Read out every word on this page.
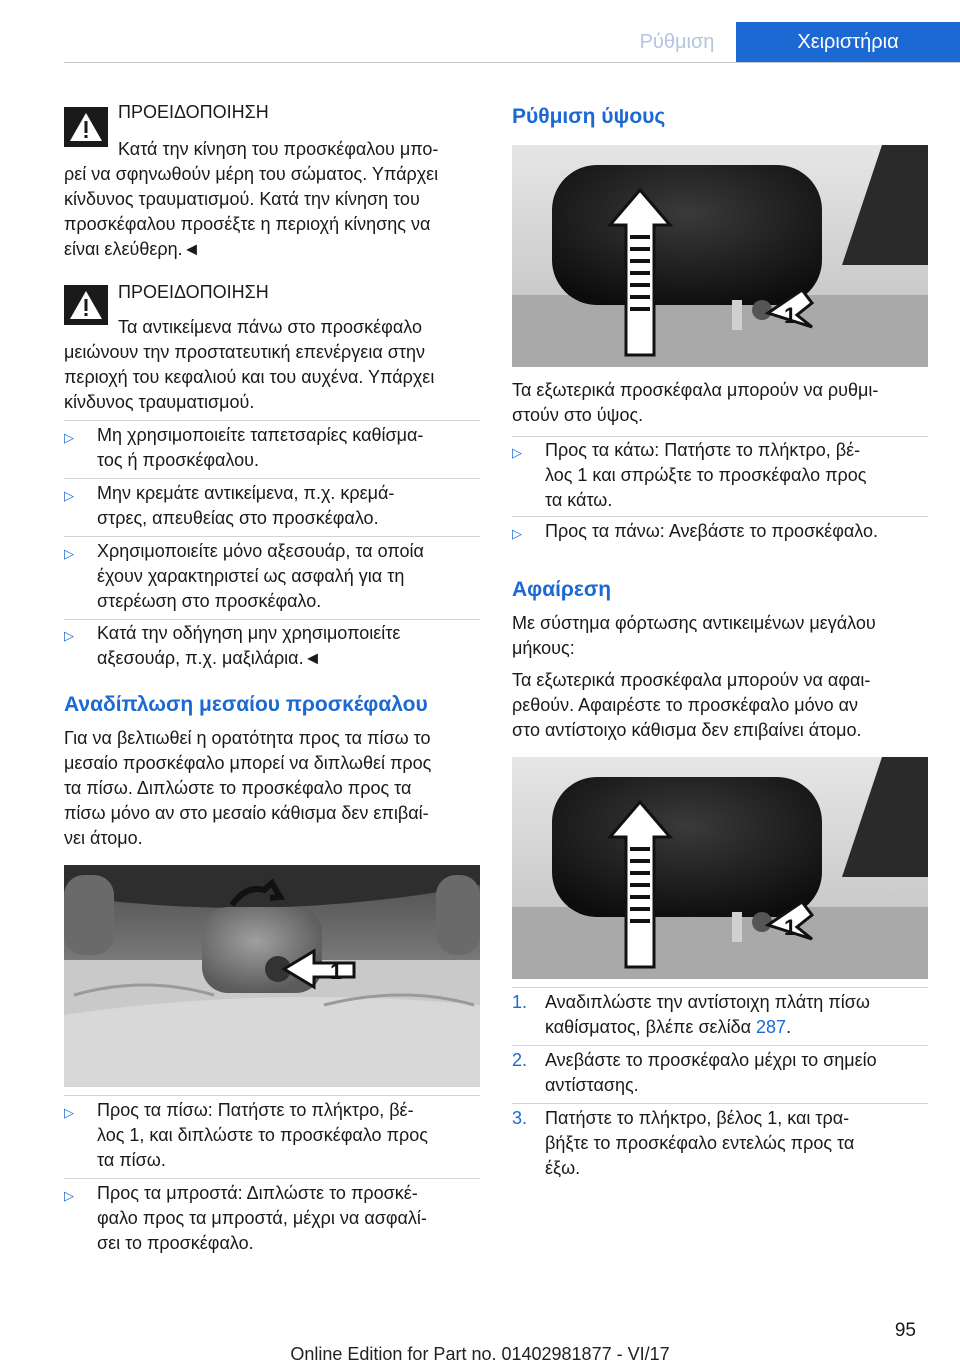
Ρύθμιση	Χειριστήρια
ΠΡΟΕΙΔΟΠΟΙΗΣΗ
Κατά την κίνηση του προσκέφαλου μπο-
ρεί να σφηνωθούν μέρη του σώματος. Υπάρχει
κίνδυνος τραυματισμού. Κατά την κίνηση του
προσκέφαλου προσέξτε η περιοχή κίνησης να
είναι ελεύθερη.◄
ΠΡΟΕΙΔΟΠΟΙΗΣΗ
Τα αντικείμενα πάνω στο προσκέφαλο
μειώνουν την προστατευτική επενέργεια στην
περιοχή του κεφαλιού και του αυχένα. Υπάρχει
κίνδυνος τραυματισμού.
▷ Μη χρησιμοποιείτε ταπετσαρίες καθίσμα-
τος ή προσκέφαλου.
▷ Μην κρεμάτε αντικείμενα, π.χ. κρεμά-
στρες, απευθείας στο προσκέφαλο.
▷ Χρησιμοποιείτε μόνο αξεσουάρ, τα οποία
έχουν χαρακτηριστεί ως ασφαλή για τη
στερέωση στο προσκέφαλο.
▷ Κατά την οδήγηση μην χρησιμοποιείτε
αξεσουάρ, π.χ. μαξιλάρια.◄
Αναδίπλωση μεσαίου προσκέφαλου
Για να βελτιωθεί η ορατότητα προς τα πίσω το
μεσαίο προσκέφαλο μπορεί να διπλωθεί προς
τα πίσω. Διπλώστε το προσκέφαλο προς τα
πίσω μόνο αν στο μεσαίο κάθισμα δεν επιβαί-
νει άτομο.
1
▷ Προς τα πίσω: Πατήστε το πλήκτρο, βέ-
λος 1, και διπλώστε το προσκέφαλο προς
τα πίσω.
▷ Προς τα μπροστά: Διπλώστε το προσκέ-
φαλο προς τα μπροστά, μέχρι να ασφαλί-
σει το προσκέφαλο.
Ρύθμιση ύψους
1
Τα εξωτερικά προσκέφαλα μπορούν να ρυθμι-
στούν στο ύψος.
▷ Προς τα κάτω: Πατήστε το πλήκτρο, βέ-
λος 1 και σπρώξτε το προσκέφαλο προς
τα κάτω.
▷ Προς τα πάνω: Ανεβάστε το προσκέφαλο.
Αφαίρεση
Με σύστημα φόρτωσης αντικειμένων μεγάλου
μήκους:
Τα εξωτερικά προσκέφαλα μπορούν να αφαι-
ρεθούν. Αφαιρέστε το προσκέφαλο μόνο αν
στο αντίστοιχο κάθισμα δεν επιβαίνει άτομο.
1
1. Αναδιπλώστε την αντίστοιχη πλάτη πίσω
καθίσματος, βλέπε σελίδα 287.
2. Ανεβάστε το προσκέφαλο μέχρι το σημείο
αντίστασης.
3. Πατήστε το πλήκτρο, βέλος 1, και τρα-
βήξτε το προσκέφαλο εντελώς προς τα
έξω.
95
Online Edition for Part no. 01402981877 - VI/17
